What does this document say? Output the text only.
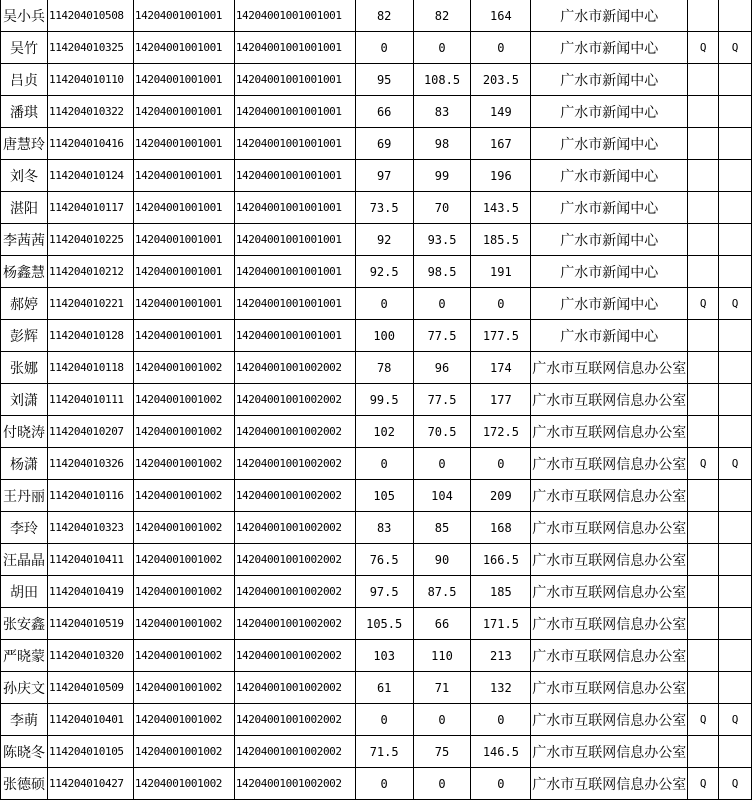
吴小兵	114204010508	14204001001001	14204001001001001	82	82	164	广水市新闻中心		
吴竹	114204010325	14204001001001	14204001001001001	0	0	0	广水市新闻中心	Q	Q
吕贞	114204010110	14204001001001	14204001001001001	95	108.5	203.5	广水市新闻中心		
潘琪	114204010322	14204001001001	14204001001001001	66	83	149	广水市新闻中心		
唐慧玲	114204010416	14204001001001	14204001001001001	69	98	167	广水市新闻中心		
刘冬	114204010124	14204001001001	14204001001001001	97	99	196	广水市新闻中心		
湛阳	114204010117	14204001001001	14204001001001001	73.5	70	143.5	广水市新闻中心		
李茜茜	114204010225	14204001001001	14204001001001001	92	93.5	185.5	广水市新闻中心		
杨鑫慧	114204010212	14204001001001	14204001001001001	92.5	98.5	191	广水市新闻中心		
郝婷	114204010221	14204001001001	14204001001001001	0	0	0	广水市新闻中心	Q	Q
彭辉	114204010128	14204001001001	14204001001001001	100	77.5	177.5	广水市新闻中心		
张娜	114204010118	14204001001002	14204001001002002	78	96	174	广水市互联网信息办公室		
刘潇	114204010111	14204001001002	14204001001002002	99.5	77.5	177	广水市互联网信息办公室		
付晓涛	114204010207	14204001001002	14204001001002002	102	70.5	172.5	广水市互联网信息办公室		
杨潇	114204010326	14204001001002	14204001001002002	0	0	0	广水市互联网信息办公室	Q	Q
王丹丽	114204010116	14204001001002	14204001001002002	105	104	209	广水市互联网信息办公室		
李玲	114204010323	14204001001002	14204001001002002	83	85	168	广水市互联网信息办公室		
汪晶晶	114204010411	14204001001002	14204001001002002	76.5	90	166.5	广水市互联网信息办公室		
胡田	114204010419	14204001001002	14204001001002002	97.5	87.5	185	广水市互联网信息办公室		
张安鑫	114204010519	14204001001002	14204001001002002	105.5	66	171.5	广水市互联网信息办公室		
严晓蒙	114204010320	14204001001002	14204001001002002	103	110	213	广水市互联网信息办公室		
孙庆文	114204010509	14204001001002	14204001001002002	61	71	132	广水市互联网信息办公室		
李萌	114204010401	14204001001002	14204001001002002	0	0	0	广水市互联网信息办公室	Q	Q
陈晓冬	114204010105	14204001001002	14204001001002002	71.5	75	146.5	广水市互联网信息办公室		
张德硕	114204010427	14204001001002	14204001001002002	0	0	0	广水市互联网信息办公室	Q	Q
